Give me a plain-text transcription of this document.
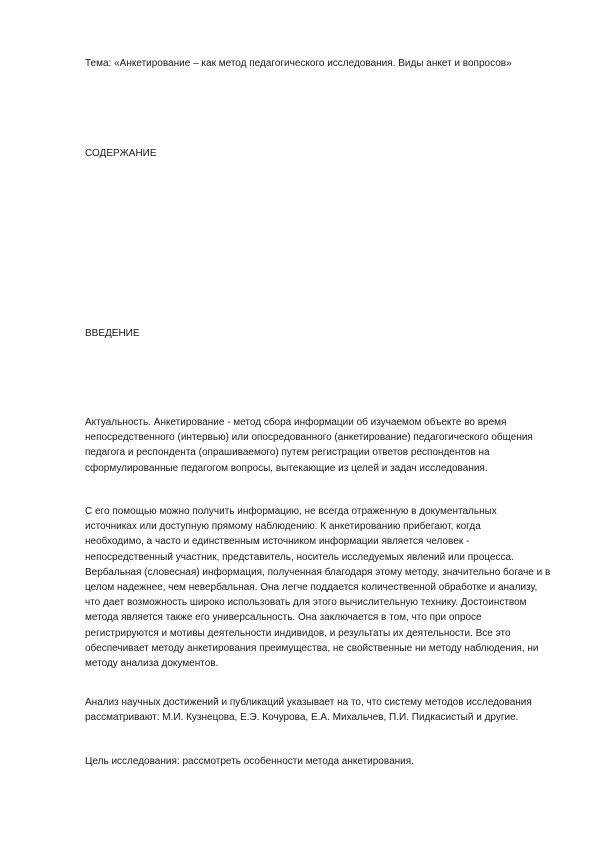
Тема: «Анкетирование – как метод педагогического исследования. Виды анкет и вопросов»
СОДЕРЖАНИЕ
ВВЕДЕНИЕ
Актуальность. Анкетирование - метод сбора информации об изучаемом объекте во время
непосредственного (интервью) или опосредованного (анкетирование) педагогического общения
педагога и респондента (опрашиваемого) путем регистрации ответов респондентов на
сформулированные педагогом вопросы, вытекающие из целей и задач исследования.
С его помощью можно получить информацию, не всегда отраженную в документальных
источниках или доступную прямому наблюдению. К анкетированию прибегают, когда
необходимо, а часто и единственным источником информации является человек -
непосредственный участник, представитель, носитель исследуемых явлений или процесса.
Вербальная (словесная) информация, полученная благодаря этому методу, значительно богаче и в
целом надежнее, чем невербальная. Она легче поддается количественной обработке и анализу,
что дает возможность широко использовать для этого вычислительную технику. Достоинством
метода является также его универсальность. Она заключается в том, что при опросе
регистрируются и мотивы деятельности индивидов, и результаты их деятельности. Все это
обеспечивает методу анкетирования преимущества, не свойственные ни методу наблюдения, ни
методу анализа документов.
Анализ научных достижений и публикаций указывает на то, что систему методов исследования
рассматривают: М.И. Кузнецова, Е.Э. Кочурова, Е.А. Михальчев, П.И. Пидкасистый и другие.
Цель исследования: рассмотреть особенности метода анкетирования.
